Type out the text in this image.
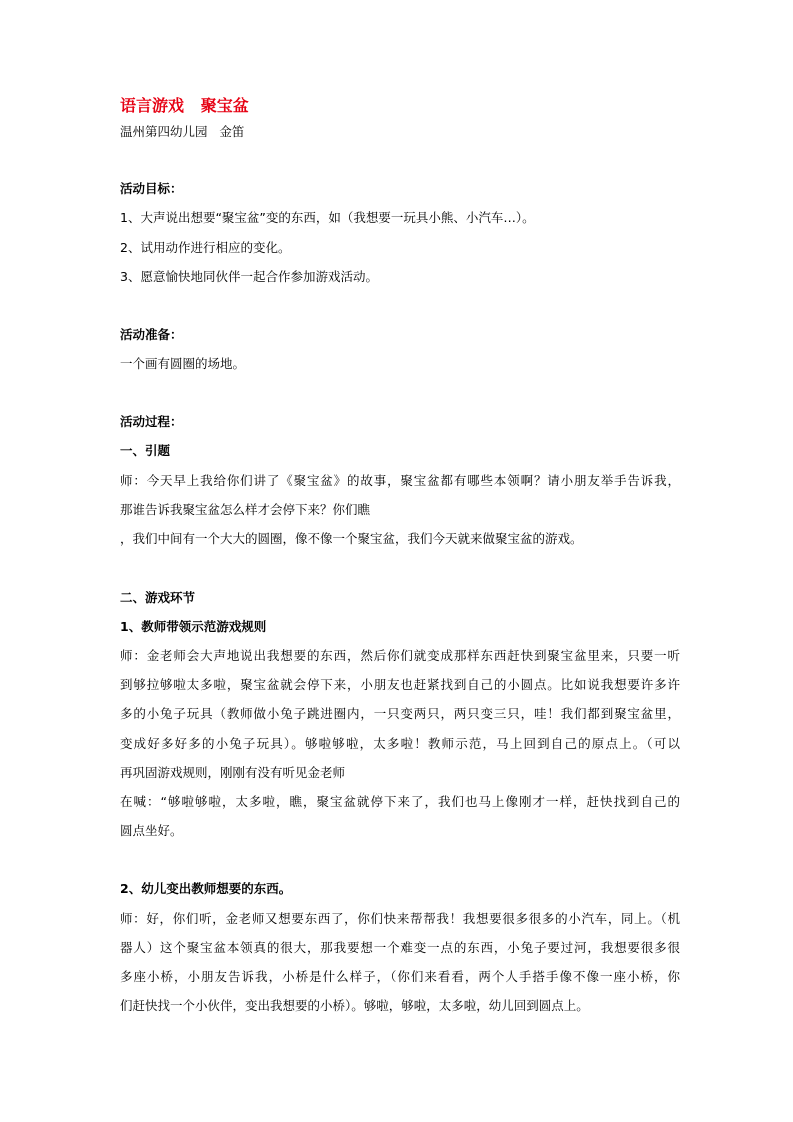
语言游戏   聚宝盆
温州第四幼儿园   金笛
活动目标：
1、大声说出想要“聚宝盆”变的东西，如（我想要一玩具小熊、小汽车…）。
2、试用动作进行相应的变化。
3、愿意愉快地同伙伴一起合作参加游戏活动。
活动准备：
一个画有圆圈的场地。
活动过程：
一、引题
师：今天早上我给你们讲了《聚宝盆》的故事，聚宝盆都有哪些本领啊？请小朋友举手告诉我，
那谁告诉我聚宝盆怎么样才会停下来？你们瞧
，我们中间有一个大大的圆圈，像不像一个聚宝盆，我们今天就来做聚宝盆的游戏。
二、游戏环节
1、教师带领示范游戏规则
师：金老师会大声地说出我想要的东西，然后你们就变成那样东西赶快到聚宝盆里来，只要一听
到够拉够啦太多啦，聚宝盆就会停下来，小朋友也赶紧找到自己的小圆点。比如说我想要许多许
多的小兔子玩具（教师做小兔子跳进圈内，一只变两只，两只变三只，哇！我们都到聚宝盆里，
变成好多好多的小兔子玩具）。够啦够啦，太多啦！教师示范，马上回到自己的原点上。（可以
再巩固游戏规则，刚刚有没有听见金老师
在喊：“够啦够啦，太多啦，瞧，聚宝盆就停下来了，我们也马上像刚才一样，赶快找到自己的
圆点坐好。
2、幼儿变出教师想要的东西。
师：好，你们听，金老师又想要东西了，你们快来帮帮我！我想要很多很多的小汽车，同上。（机
器人）这个聚宝盆本领真的很大，那我要想一个难变一点的东西，小兔子要过河，我想要很多很
多座小桥，小朋友告诉我，小桥是什么样子，（你们来看看，两个人手搭手像不像一座小桥，你
们赶快找一个小伙伴，变出我想要的小桥）。够啦，够啦，太多啦，幼儿回到圆点上。
